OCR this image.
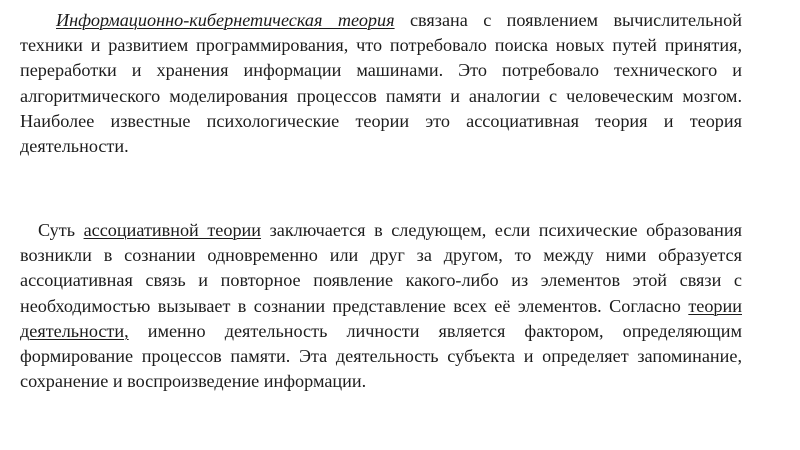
Информационно-кибернетическая теория связана с появлением вычислительной техники и развитием программирования, что потребовало поиска новых путей принятия, переработки и хранения информации машинами. Это потребовало технического и алгоритмического моделирования процессов памяти и аналогии с человеческим мозгом. Наиболее известные психологические теории это ассоциативная теория и теория деятельности.

Суть ассоциативной теории заключается в следующем, если психические образования возникли в сознании одновременно или друг за другом, то между ними образуется ассоциативная связь и повторное появление какого-либо из элементов этой связи с необходимостью вызывает в сознании представление всех её элементов. Согласно теории деятельности, именно деятельность личности является фактором, определяющим формирование процессов памяти. Эта деятельность субъекта и определяет запоминание, сохранение и воспроизведение информации.
